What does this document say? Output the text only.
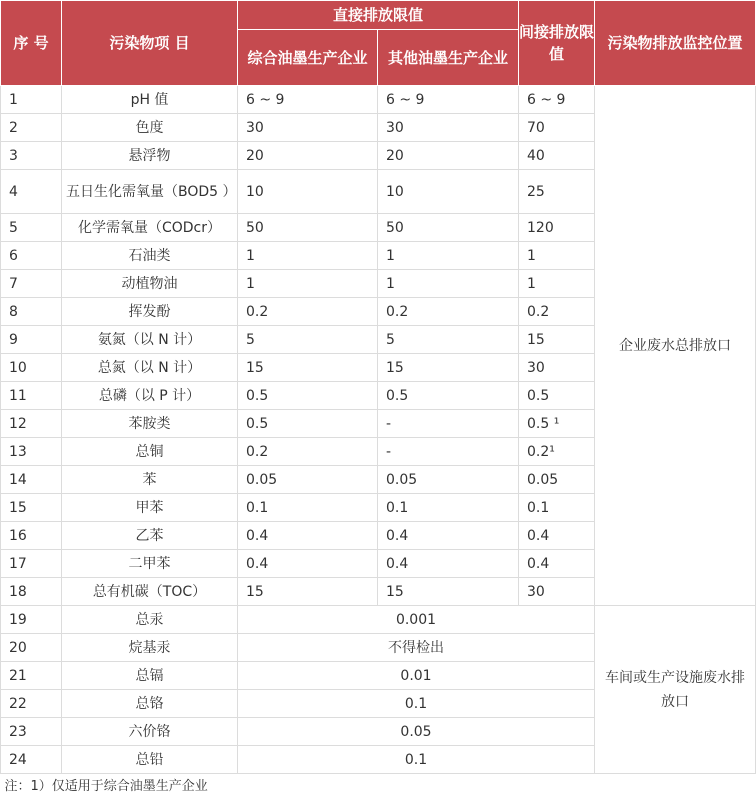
序 号	污染物项 目	直接排放限值		间接排放限值	污染物排放监控位置
		综合油墨生产企业	其他油墨生产企业		
1	pH 值	6 ~ 9	6 ~ 9	6 ~ 9	企业废水总排放口
2	色度	30	30	70	
3	悬浮物	20	20	40	
4	五日生化需氧量（BOD5 ）	10	10	25	
5	化学需氧量（CODcr）	50	50	120	
6	石油类	1	1	1	
7	动植物油	1	1	1	
8	挥发酚	0.2	0.2	0.2	
9	氨氮（以 N 计）	5	5	15	
10	总氮（以 N 计）	15	15	30	
11	总磷（以 P 计）	0.5	0.5	0.5	
12	苯胺类	0.5	-	0.5 ¹	
13	总铜	0.2	-	0.2¹	
14	苯	0.05	0.05	0.05	
15	甲苯	0.1	0.1	0.1	
16	乙苯	0.4	0.4	0.4	
17	二甲苯	0.4	0.4	0.4	
18	总有机碳（TOC）	15	15	30	
19	总汞	0.001			车间或生产设施废水排放口
20	烷基汞	不得检出			
21	总镉	0.01			
22	总铬	0.1			
23	六价铬	0.05			
24	总铅	0.1			
注：1）仅适用于综合油墨生产企业					
